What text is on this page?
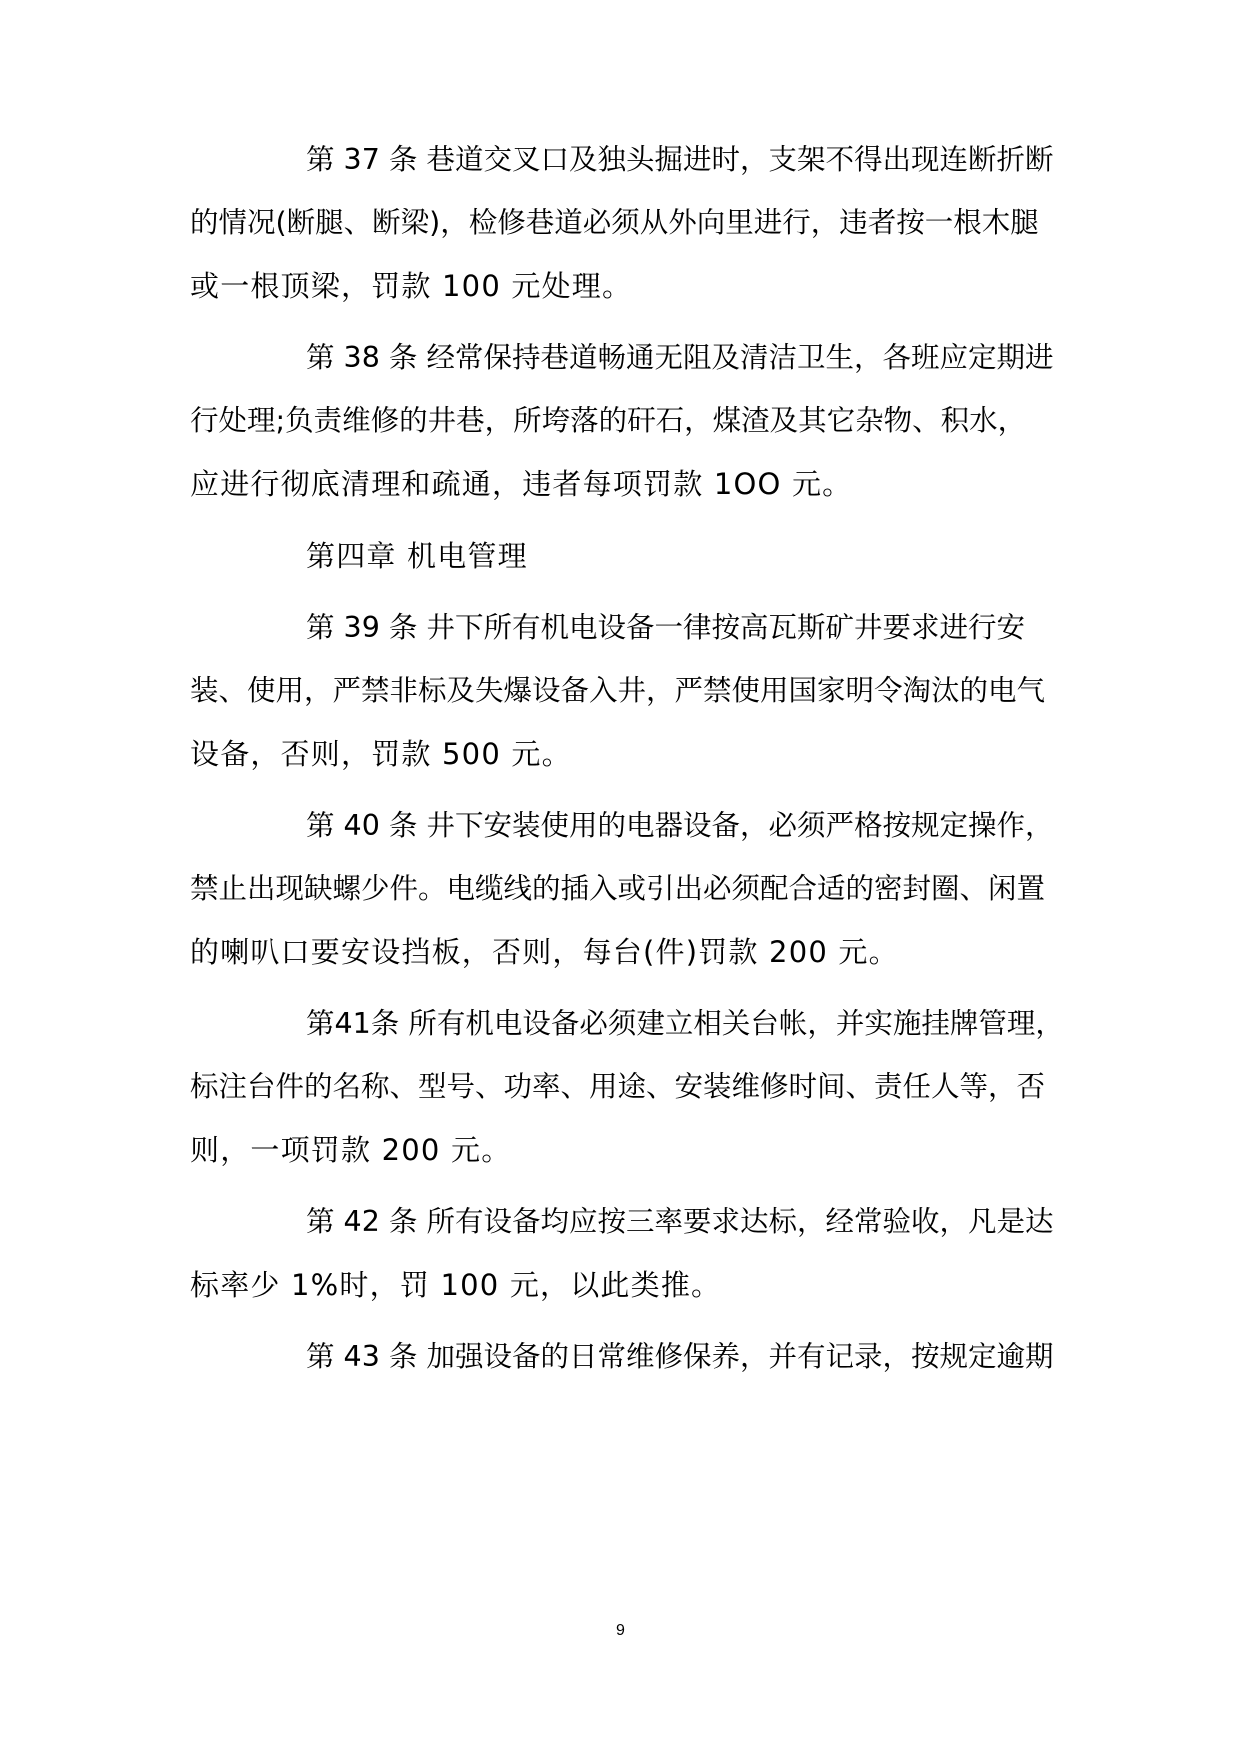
第 37 条 巷道交叉口及独头掘进时，支架不得出现连断折断
的情况(断腿、断梁)，检修巷道必须从外向里进行，违者按一根木腿
或一根顶梁，罚款 100 元处理。
第 38 条 经常保持巷道畅通无阻及清洁卫生，各班应定期进
行处理;负责维修的井巷，所垮落的矸石，煤渣及其它杂物、积水，
应进行彻底清理和疏通，违者每项罚款 1OO 元。
第四章 机电管理
第 39 条 井下所有机电设备一律按高瓦斯矿井要求进行安
装、使用，严禁非标及失爆设备入井，严禁使用国家明令淘汰的电气
设备，否则，罚款 500 元。
第 40 条 井下安装使用的电器设备，必须严格按规定操作，
禁止出现缺螺少件。电缆线的插入或引出必须配合适的密封圈、闲置
的喇叭口要安设挡板，否则，每台(件)罚款 200 元。
第41条 所有机电设备必须建立相关台帐，并实施挂牌管理，
标注台件的名称、型号、功率、用途、安装维修时间、责任人等，否
则，一项罚款 200 元。
第 42 条 所有设备均应按三率要求达标，经常验收，凡是达
标率少 1%时，罚 100 元，以此类推。
第 43 条 加强设备的日常维修保养，并有记录，按规定逾期
9
